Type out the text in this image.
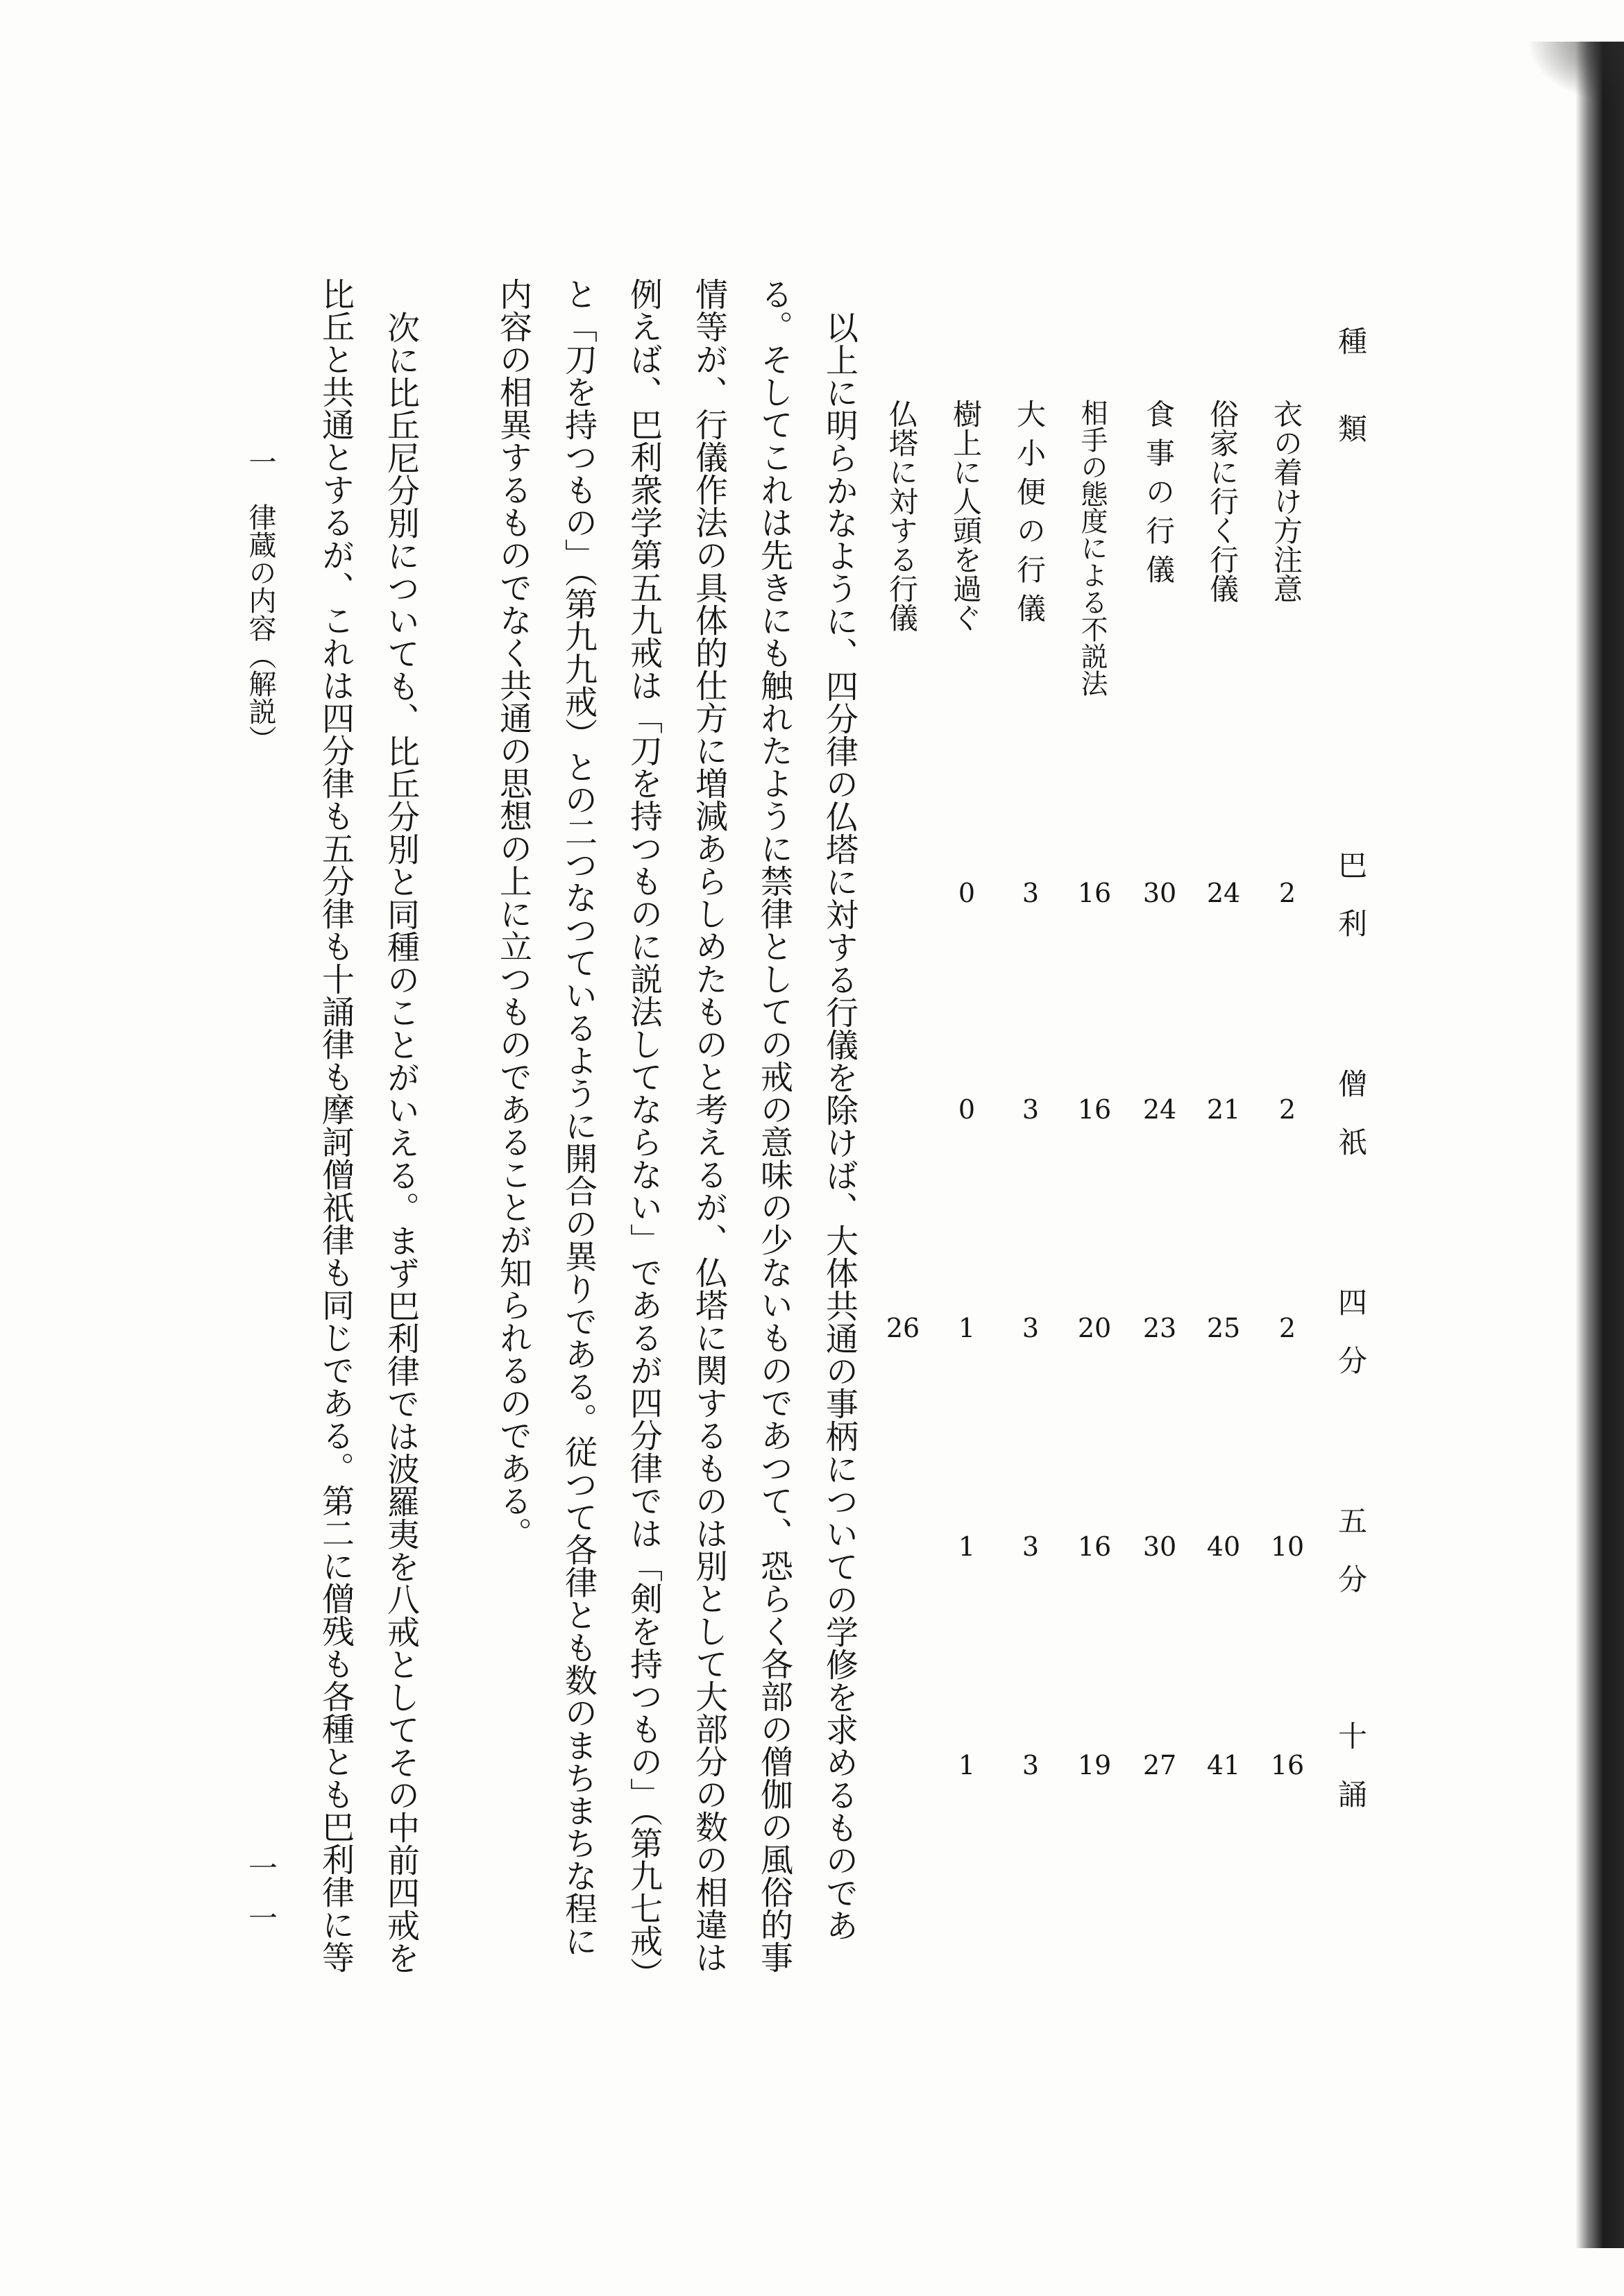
種　　類
巴　利
僧　祇
四　分
五　分
十　誦
衣の着け方注意
俗家に行く行儀
食　事　の　行　儀
相手の態度による不説法
大　小　便　の　行　儀
樹上に人頭を過ぐ
仏塔に対する行儀
2
24
30
16
3
0
2
21
24
16
3
0
2
25
23
20
3
1
26
10
40
30
16
3
1
16
41
27
19
3
1
以上に明らかなように、四分律の仏塔に対する行儀を除けば、大体共通の事柄についての学修を求めるものであ
る。そしてこれは先きにも触れたように禁律としての戒の意味の少ないものであつて、恐らく各部の僧伽の風俗的事
情等が、行儀作法の具体的仕方に増減あらしめたものと考えるが、仏塔に関するものは別として大部分の数の相違は
例えば、巴利衆学第五九戒は「刀を持つものに説法してならない」であるが四分律では「剣を持つもの」（第九七戒）
と「刀を持つもの」（第九九戒）との二つなつているように開合の異りである。従つて各律とも数のまちまちな程に
内容の相異するものでなく共通の思想の上に立つものであることが知られるのである。
次に比丘尼分別についても、比丘分別と同種のことがいえる。まず巴利律では波羅夷を八戒としてその中前四戒を
比丘と共通とするが、これは四分律も五分律も十誦律も摩訶僧祇律も同じである。第二に僧残も各種とも巴利律に等
一　律蔵の内容（解説）
一一
